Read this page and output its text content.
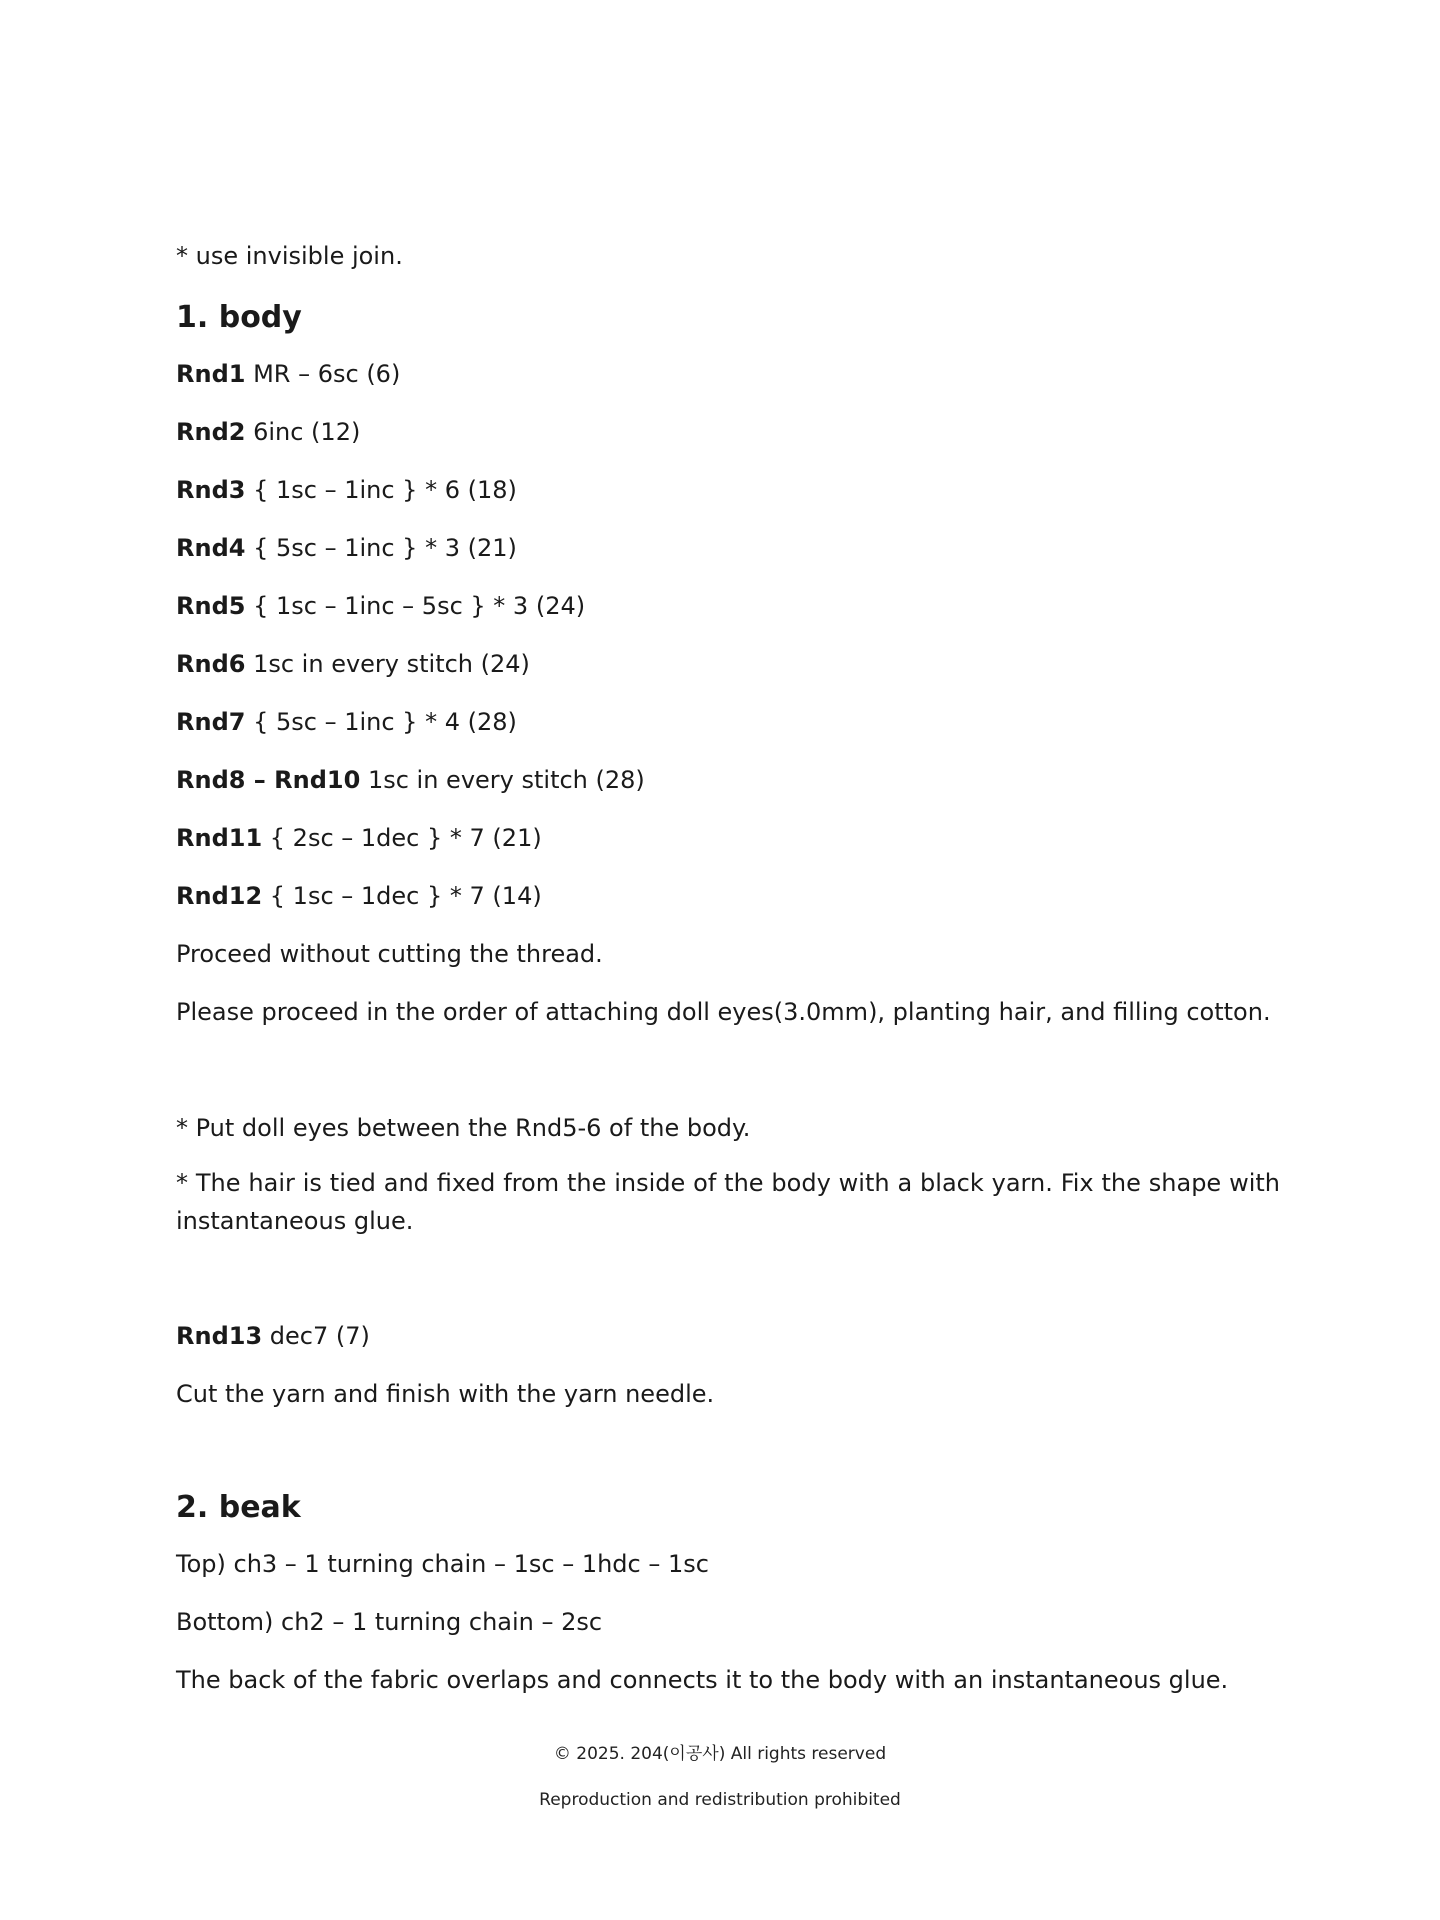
* use invisible join.

1. body

Rnd1 MR – 6sc (6)

Rnd2 6inc (12)

Rnd3 { 1sc – 1inc } * 6 (18)

Rnd4 { 5sc – 1inc } * 3 (21)

Rnd5 { 1sc – 1inc – 5sc } * 3 (24)

Rnd6 1sc in every stitch (24)

Rnd7 { 5sc – 1inc } * 4 (28)

Rnd8 – Rnd10 1sc in every stitch (28)

Rnd11 { 2sc – 1dec } * 7 (21)

Rnd12 { 1sc – 1dec } * 7 (14)

Proceed without cutting the thread.

Please proceed in the order of attaching doll eyes(3.0mm), planting hair, and filling cotton.

* Put doll eyes between the Rnd5-6 of the body.

* The hair is tied and fixed from the inside of the body with a black yarn. Fix the shape with instantaneous glue.

Rnd13 dec7 (7)

Cut the yarn and finish with the yarn needle.

2. beak

Top) ch3 – 1 turning chain – 1sc – 1hdc – 1sc

Bottom) ch2 – 1 turning chain – 2sc

The back of the fabric overlaps and connects it to the body with an instantaneous glue.

© 2025. 204(이공사) All rights reserved
Reproduction and redistribution prohibited
